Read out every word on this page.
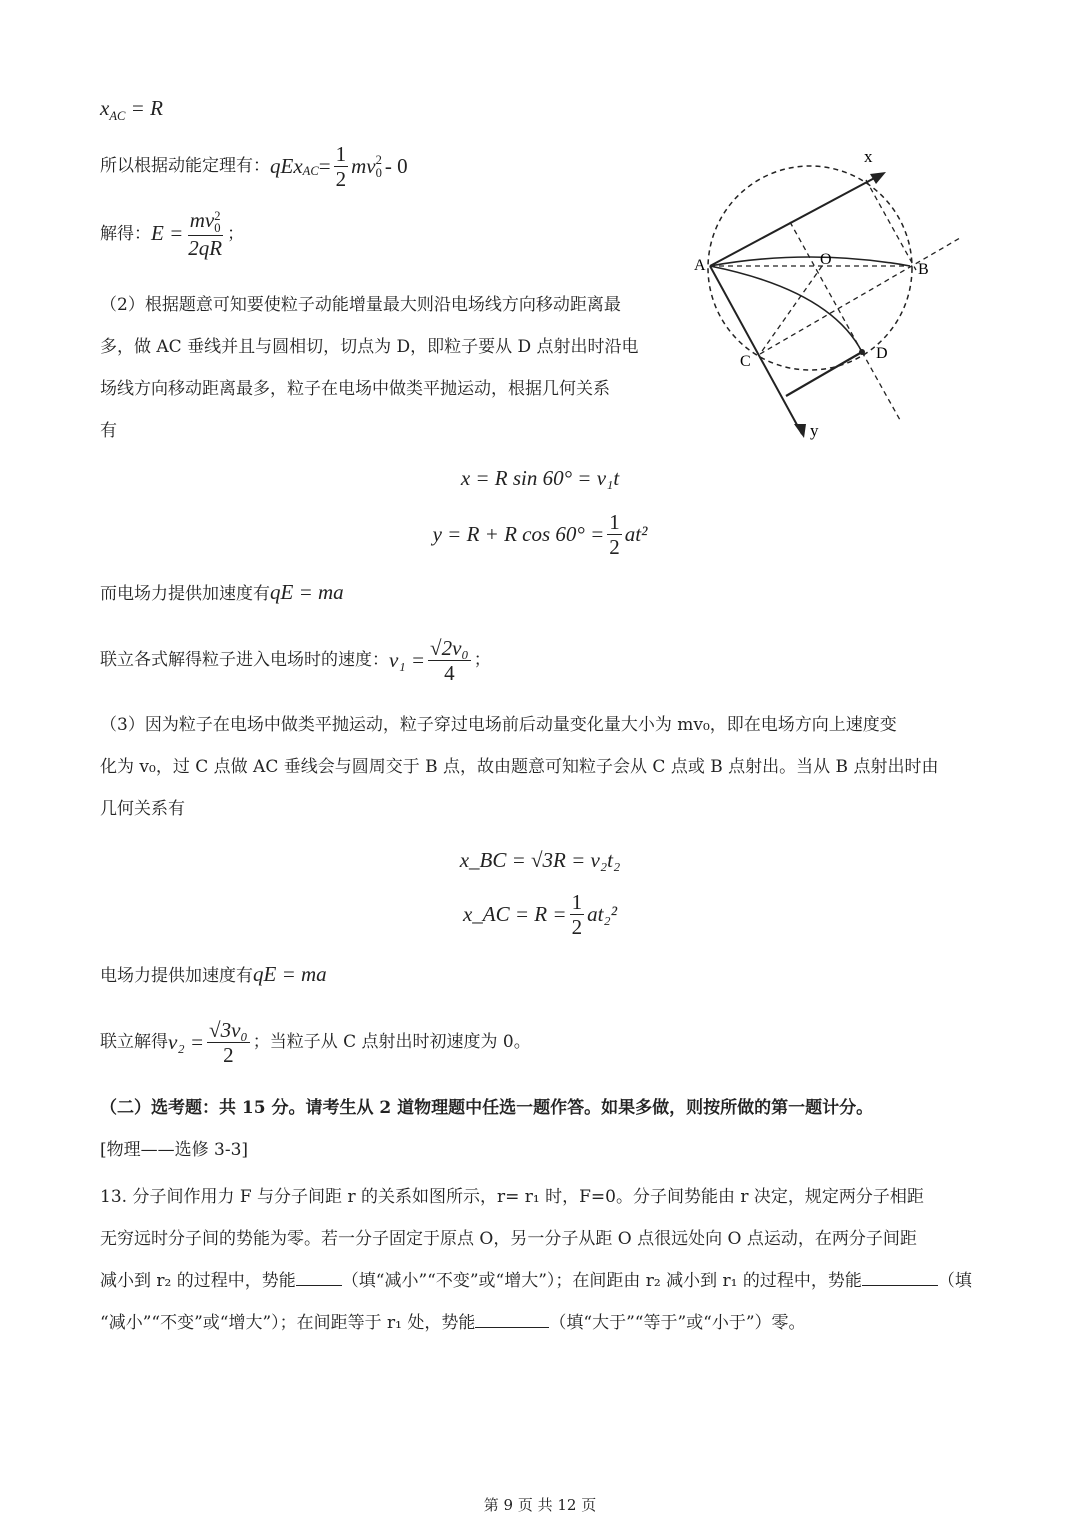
$x_{AC} = R$
所以根据动能定理有： $qEx_{AC} = \frac{1}{2}$ mv 2
0 - 0
解得： E = mv 2
0
2qR ；
（2）根据题意可知要使粒子动能增量最大则沿电场线方向移动距离最
多，做 AC 垂线并且与圆相切，切点为 D，即粒子要从 D 点射出时沿电
场线方向移动距离最多，粒子在电场中做类平抛运动，根据几何关系
有
x
y
A	B
C	D
O
x = R sin 60° = v₁t
y = R + R $\cos 60^\circ = \frac{1}{2} at^2$
而电场力提供加速度有qE = ma
联立各式解得粒子进入电场时的速度： $v_1 = \frac{\text{√2v₀}}{4}$ ；
（3）因为粒子在电场中做类平抛运动，粒子穿过电场前后动量变化量大小为 mv₀，即在电场方向上速度变
化为 v₀，过 C 点做 AC 垂线会与圆周交于 B 点，故由题意可知粒子会从 C 点或 B 点射出。当从 B 点射出时由
几何关系有
x_BC = √3R = v₂t₂
x_AC = $R = \frac{1}{2} at_2^2$
电场力提供加速度有qE = ma
联立解得 $v_2 = \frac{\text{√3v₀}}{2}$ ；当粒子从 C 点射出时初速度为 0。
（二）选考题：共 15 分。请考生从 2 道物理题中任选一题作答。如果多做，则按所做的第一题计分。
[物理——选修 3-3]
13. 分子间作用力 F 与分子间距 r 的关系如图所示，r= r₁ 时，F=0。分子间势能由 r 决定，规定两分子相距
无穷远时分子间的势能为零。若一分子固定于原点 O，另一分子从距 O 点很远处向 O 点运动，在两分子间距
减小到 r₂ 的过程中，势能	（填“减小”“不变”或“增大”）；在间距由 r₂ 减小到 r₁ 的过程中，势能	（填
“减小”“不变”或“增大”）；在间距等于 r₁ 处，势能	（填“大于”“等于”或“小于”）零。
第 9 页 共 12 页
